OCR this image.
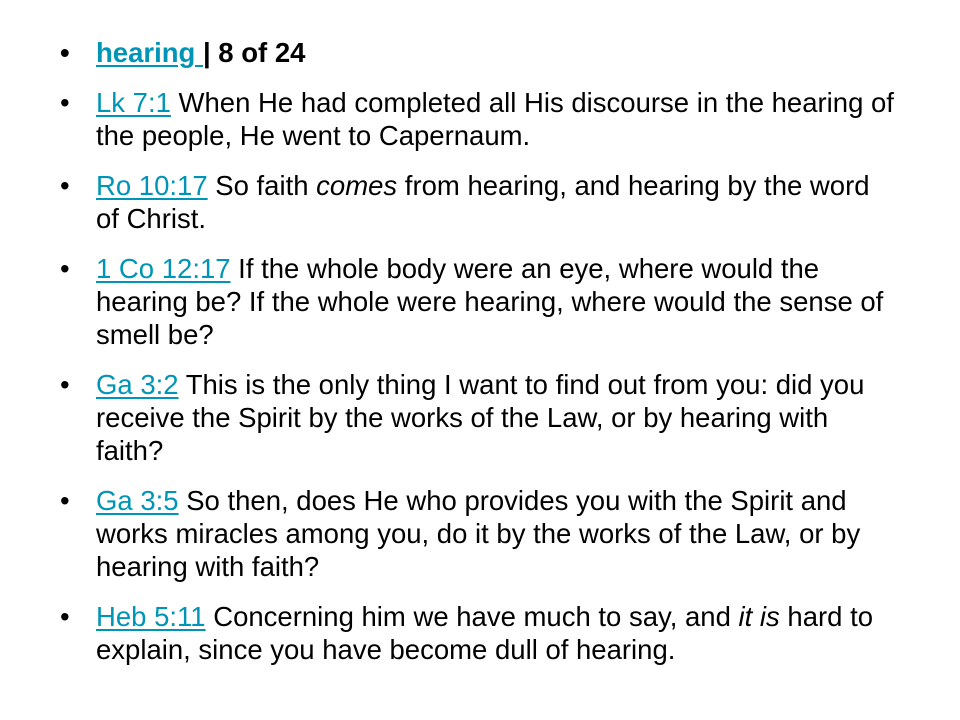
• hearing | 8 of 24
• Lk 7:1 When He had completed all His discourse in the hearing of the people, He went to Capernaum.
• Ro 10:17 So faith comes from hearing, and hearing by the word of Christ.
• 1 Co 12:17 If the whole body were an eye, where would the hearing be? If the whole were hearing, where would the sense of smell be?
• Ga 3:2 This is the only thing I want to find out from you: did you receive the Spirit by the works of the Law, or by hearing with faith?
• Ga 3:5 So then, does He who provides you with the Spirit and works miracles among you, do it by the works of the Law, or by hearing with faith?
• Heb 5:11 Concerning him we have much to say, and it is hard to explain, since you have become dull of hearing.
